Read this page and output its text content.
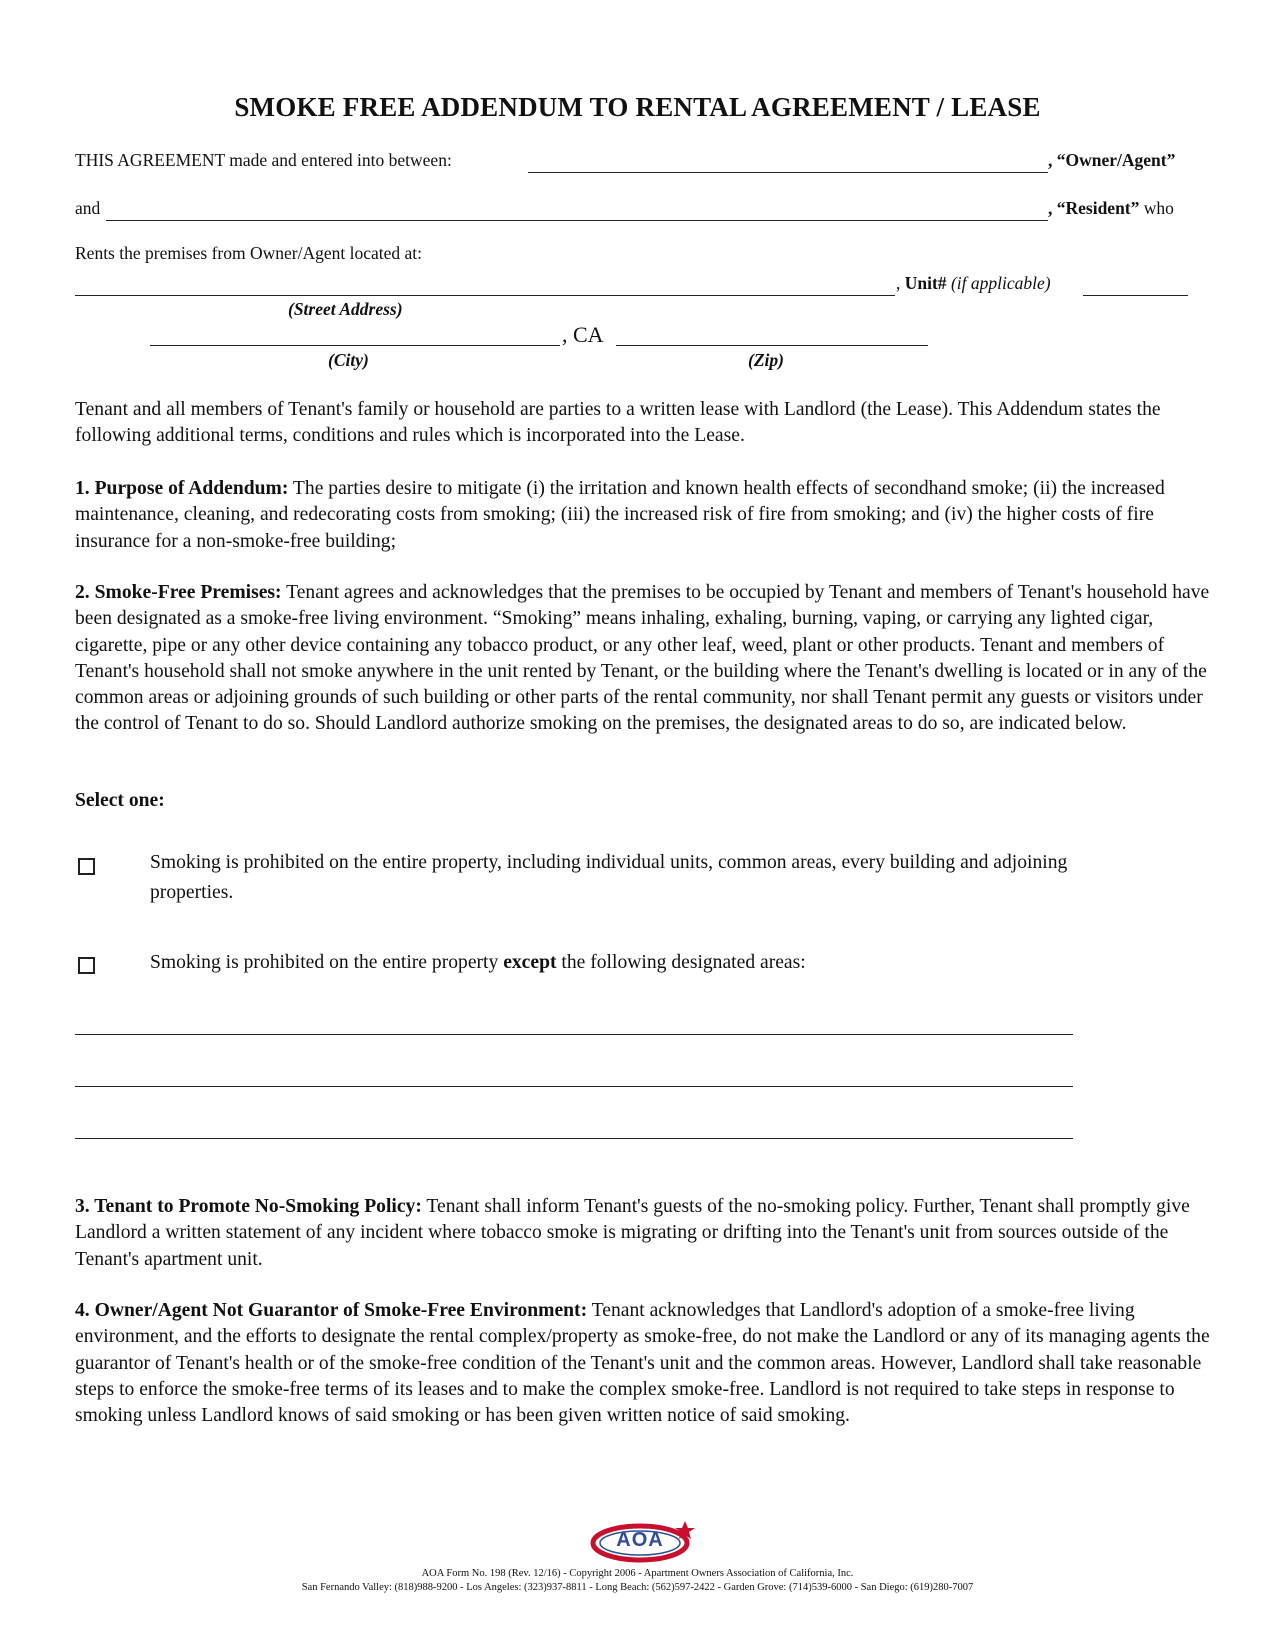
SMOKE FREE ADDENDUM TO RENTAL AGREEMENT / LEASE
THIS AGREEMENT made and entered into between:	, “Owner/Agent”
and	, “Resident” who
Rents the premises from Owner/Agent located at:
, Unit# (if applicable)
(Street Address)
, CA
(City)	(Zip)

Tenant and all members of Tenant's family or household are parties to a written lease with Landlord (the Lease). This Addendum states the following additional terms, conditions and rules which is incorporated into the Lease.

1. Purpose of Addendum: The parties desire to mitigate (i) the irritation and known health effects of secondhand smoke; (ii) the increased maintenance, cleaning, and redecorating costs from smoking; (iii) the increased risk of fire from smoking; and (iv) the higher costs of fire insurance for a non-smoke-free building;

2. Smoke-Free Premises: Tenant agrees and acknowledges that the premises to be occupied by Tenant and members of Tenant's household have been designated as a smoke-free living environment. “Smoking” means inhaling, exhaling, burning, vaping, or carrying any lighted cigar, cigarette, pipe or any other device containing any tobacco product, or any other leaf, weed, plant or other products. Tenant and members of Tenant's household shall not smoke anywhere in the unit rented by Tenant, or the building where the Tenant's dwelling is located or in any of the common areas or adjoining grounds of such building or other parts of the rental community, nor shall Tenant permit any guests or visitors under the control of Tenant to do so. Should Landlord authorize smoking on the premises, the designated areas to do so, are indicated below.

Select one:

Smoking is prohibited on the entire property, including individual units, common areas, every building and adjoining properties.

Smoking is prohibited on the entire property except the following designated areas:

3. Tenant to Promote No-Smoking Policy: Tenant shall inform Tenant's guests of the no-smoking policy. Further, Tenant shall promptly give Landlord a written statement of any incident where tobacco smoke is migrating or drifting into the Tenant's unit from sources outside of the Tenant's apartment unit.

4. Owner/Agent Not Guarantor of Smoke-Free Environment: Tenant acknowledges that Landlord's adoption of a smoke-free living environment, and the efforts to designate the rental complex/property as smoke-free, do not make the Landlord or any of its managing agents the guarantor of Tenant's health or of the smoke-free condition of the Tenant's unit and the common areas. However, Landlord shall take reasonable steps to enforce the smoke-free terms of its leases and to make the complex smoke-free. Landlord is not required to take steps in response to smoking unless Landlord knows of said smoking or has been given written notice of said smoking.

AOA
AOA Form No. 198 (Rev. 12/16) - Copyright 2006 - Apartment Owners Association of California, Inc.
San Fernando Valley: (818)988-9200 - Los Angeles: (323)937-8811 - Long Beach: (562)597-2422 - Garden Grove: (714)539-6000 - San Diego: (619)280-7007
